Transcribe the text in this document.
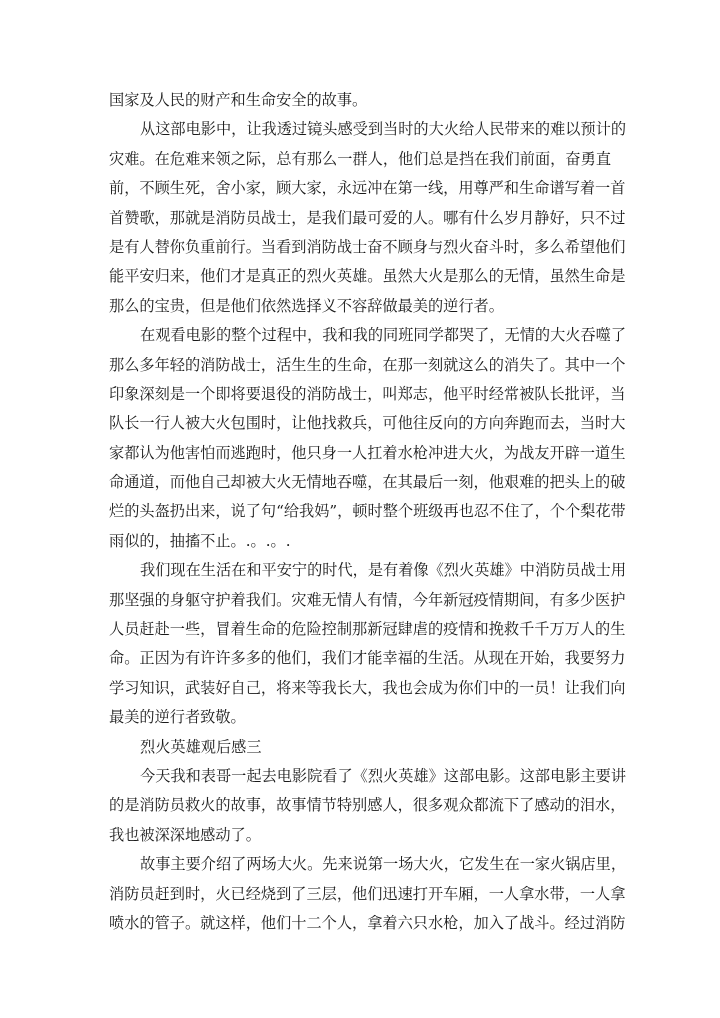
国家及人民的财产和生命安全的故事。
从这部电影中，让我透过镜头感受到当时的大火给人民带来的难以预计的
灾难。在危难来领之际，总有那么一群人，他们总是挡在我们前面，奋勇直
前，不顾生死，舍小家，顾大家，永远冲在第一线，用尊严和生命谱写着一首
首赞歌，那就是消防员战士，是我们最可爱的人。哪有什么岁月静好，只不过
是有人替你负重前行。当看到消防战士奋不顾身与烈火奋斗时，多么希望他们
能平安归来，他们才是真正的烈火英雄。虽然大火是那么的无情，虽然生命是
那么的宝贵，但是他们依然选择义不容辞做最美的逆行者。
在观看电影的整个过程中，我和我的同班同学都哭了，无情的大火吞噬了
那么多年轻的消防战士，活生生的生命，在那一刻就这么的消失了。其中一个
印象深刻是一个即将要退役的消防战士，叫郑志，他平时经常被队长批评，当
队长一行人被大火包围时，让他找救兵，可他往反向的方向奔跑而去，当时大
家都认为他害怕而逃跑时，他只身一人扛着水枪冲进大火，为战友开辟一道生
命通道，而他自己却被大火无情地吞噬，在其最后一刻，他艰难的把头上的破
烂的头盔扔出来，说了句“给我妈”，顿时整个班级再也忍不住了，个个梨花带
雨似的，抽搐不止。.。.。.
我们现在生活在和平安宁的时代，是有着像《烈火英雄》中消防员战士用
那坚强的身躯守护着我们。灾难无情人有情，今年新冠疫情期间，有多少医护
人员赶赴一些，冒着生命的危险控制那新冠肆虐的疫情和挽救千千万万人的生
命。正因为有许许多多的他们，我们才能幸福的生活。从现在开始，我要努力
学习知识，武装好自己，将来等我长大，我也会成为你们中的一员！让我们向
最美的逆行者致敬。
烈火英雄观后感三
今天我和表哥一起去电影院看了《烈火英雄》这部电影。这部电影主要讲
的是消防员救火的故事，故事情节特别感人，很多观众都流下了感动的泪水，
我也被深深地感动了。
故事主要介绍了两场大火。先来说第一场大火，它发生在一家火锅店里，
消防员赶到时，火已经烧到了三层，他们迅速打开车厢，一人拿水带，一人拿
喷水的管子。就这样，他们十二个人，拿着六只水枪，加入了战斗。经过消防
